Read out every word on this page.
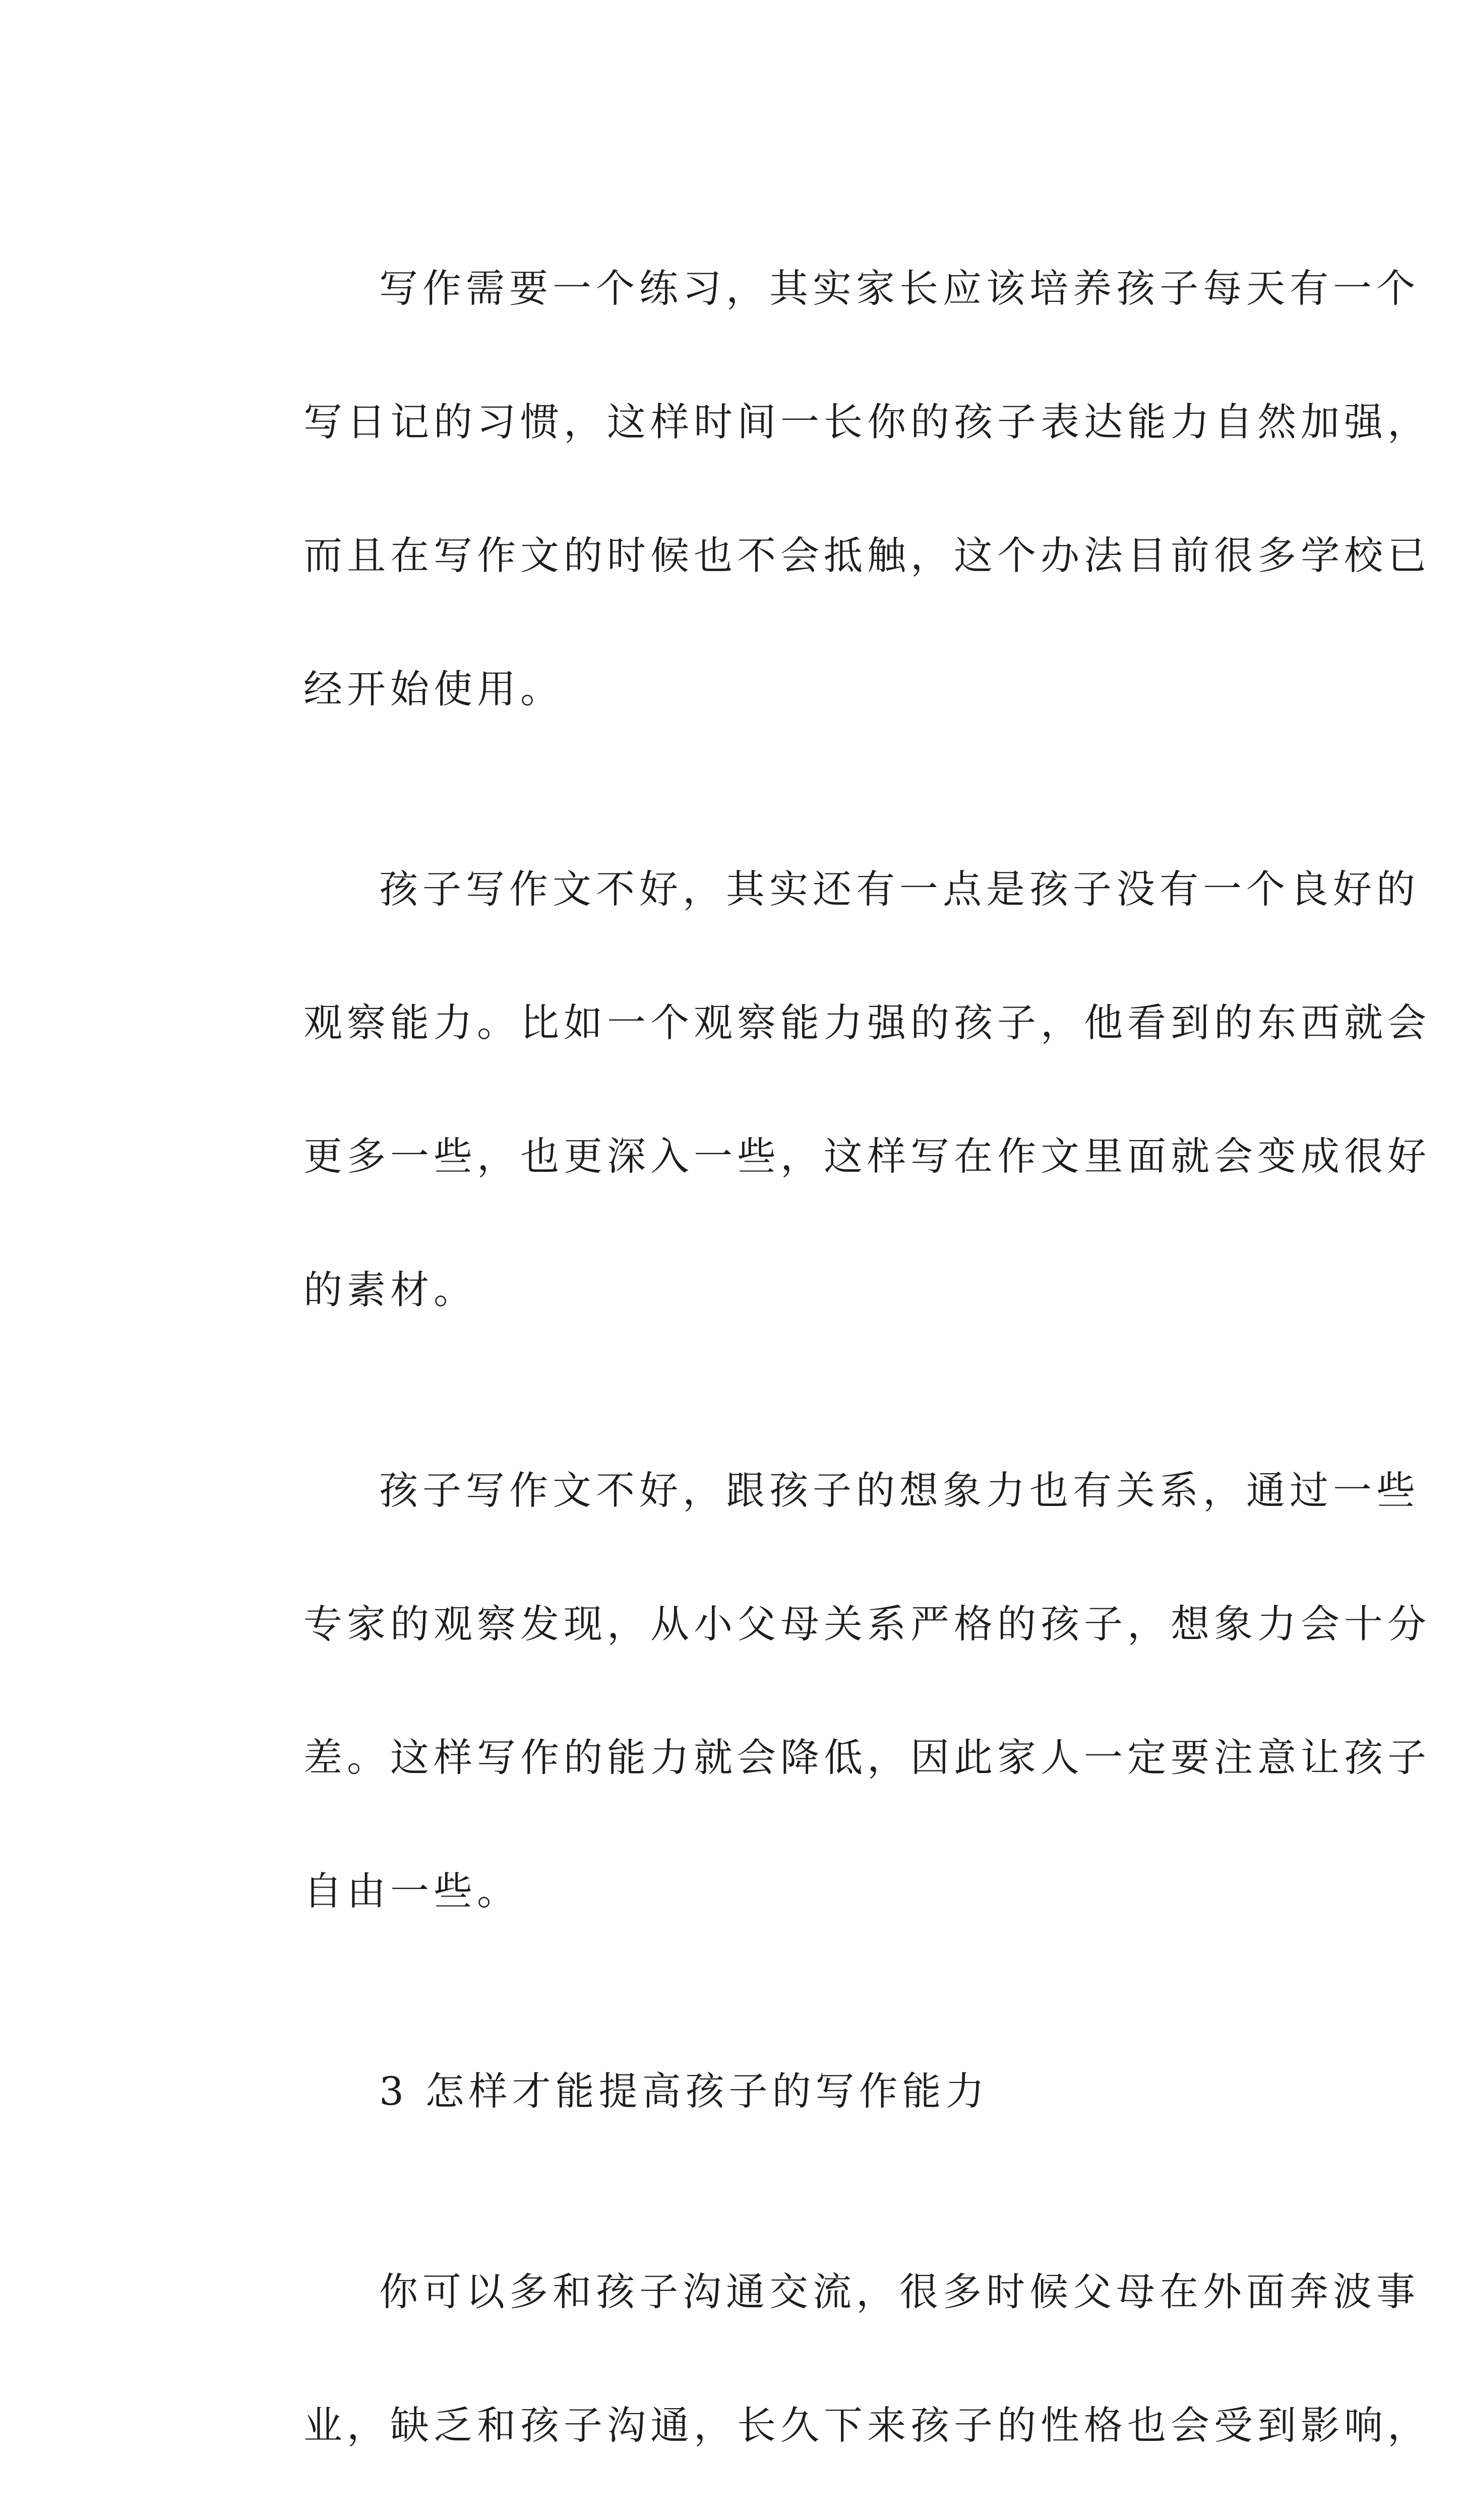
写作需要一个练习，其实家长应该培养孩子每天有一个

写日记的习惯，这样时间一长你的孩子表达能力自然加强，

而且在写作文的时候也不会抵触，这个办法目前很多学校已

经开始使用。

孩子写作文不好，其实还有一点是孩子没有一个良好的

观察能力。比如一个观察能力强的孩子，他看到的东西就会

更多一些，也更深入一些，这样写在作文里面就会变成很好

的素材。

孩子写作文不好，跟孩子的想象力也有关系，通过一些

专家的观察发现，从小父母关系严格的孩子，想象力会十分

差。这样写作的能力就会降低，因此家人一定要注意让孩子

自由一些。

3 怎样才能提高孩子的写作能力

你可以多和孩子沟通交流，很多时候父母在外面奔波事

业，缺乏和孩子沟通，长久下来孩子的性格也会受到影响，
